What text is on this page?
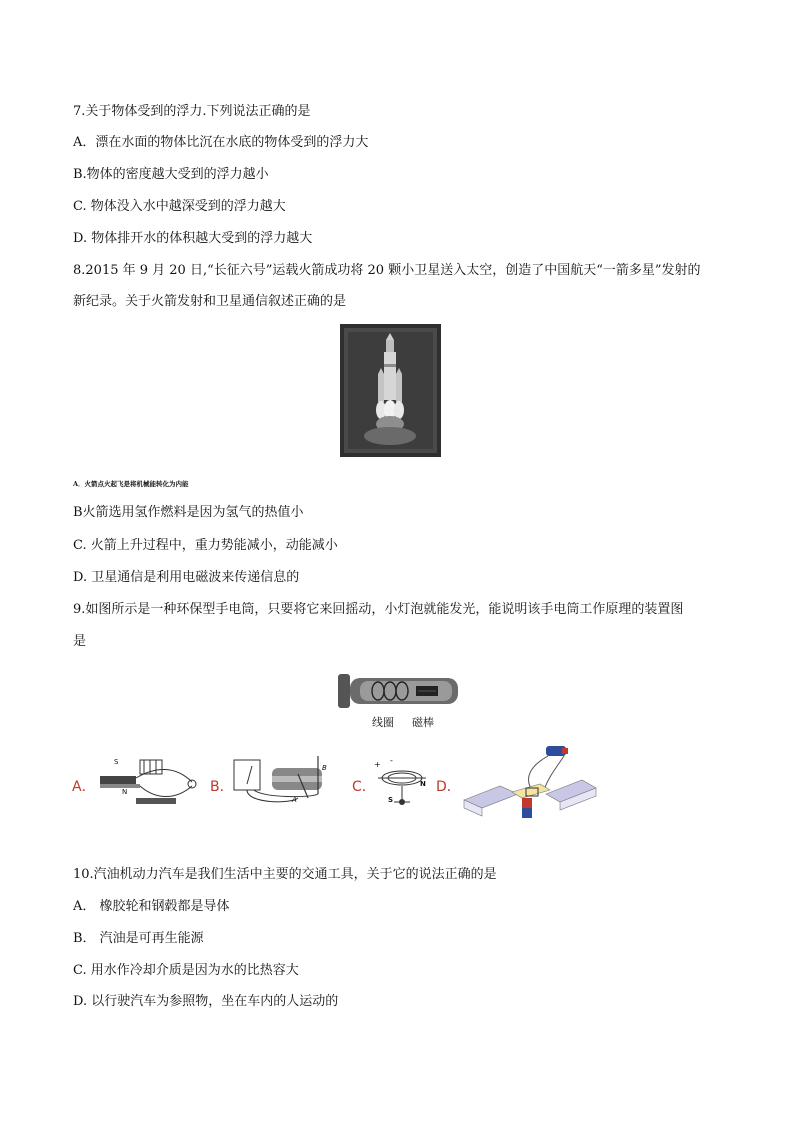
7.关于物体受到的浮力.下列说法正确的是
A．漂在水面的物体比沉在水底的物体受到的浮力大
B.物体的密度越大受到的浮力越小
C. 物体没入水中越深受到的浮力越大
D. 物体排开水的体积越大受到的浮力越大
8.2015 年 9 月 20 日,“长征六号”运载火箭成功将 20 颗小卫星送入太空，创造了中国航天“一箭多星”发射的
新纪录。关于火箭发射和卫星通信叙述正确的是
A．火箭点火起飞是将机械能转化为内能
B火箭选用氢作燃料是因为氢气的热值小
C. 火箭上升过程中，重力势能减小，动能减小
D. 卫星通信是利用电磁波来传递信息的
9.如图所示是一种环保型手电筒，只要将它来回摇动，小灯泡就能发光，能说明该手电筒工作原理的装置图
是
线圈 磁棒
A．
S
N	B．
A
B
C．
+ -
S
N D．
10.汽油机动力汽车是我们生活中主要的交通工具，关于它的说法正确的是
A． 橡胶轮和钢毂都是导体
B． 汽油是可再生能源
C. 用水作冷却介质是因为水的比热容大
D. 以行驶汽车为参照物，坐在车内的人运动的
